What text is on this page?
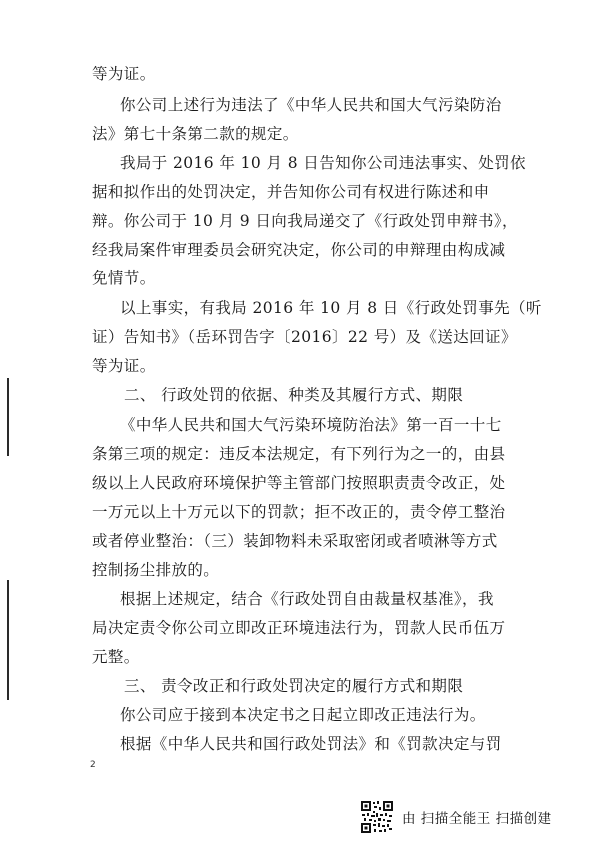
等为证。
你公司上述行为违法了《中华人民共和国大气污染防治
法》第七十条第二款的规定。
我局于 2016 年 10 月 8 日告知你公司违法事实、处罚依
据和拟作出的处罚决定，并告知你公司有权进行陈述和申
辩。你公司于 10 月 9 日向我局递交了《行政处罚申辩书》，
经我局案件审理委员会研究决定，你公司的申辩理由构成减
免情节。
以上事实，有我局 2016 年 10 月 8 日《行政处罚事先（听
证）告知书》（岳环罚告字〔2016〕22 号）及《送达回证》
等为证。
二、 行政处罚的依据、种类及其履行方式、期限
《中华人民共和国大气污染环境防治法》第一百一十七
条第三项的规定：违反本法规定，有下列行为之一的，由县
级以上人民政府环境保护等主管部门按照职责责令改正，处
一万元以上十万元以下的罚款；拒不改正的，责令停工整治
或者停业整治：（三）装卸物料未采取密闭或者喷淋等方式
控制扬尘排放的。
根据上述规定，结合《行政处罚自由裁量权基准》，我
局决定责令你公司立即改正环境违法行为，罚款人民币伍万
元整。
三、 责令改正和行政处罚决定的履行方式和期限
你公司应于接到本决定书之日起立即改正违法行为。
根据《中华人民共和国行政处罚法》和《罚款决定与罚
2
由 扫描全能王 扫描创建
